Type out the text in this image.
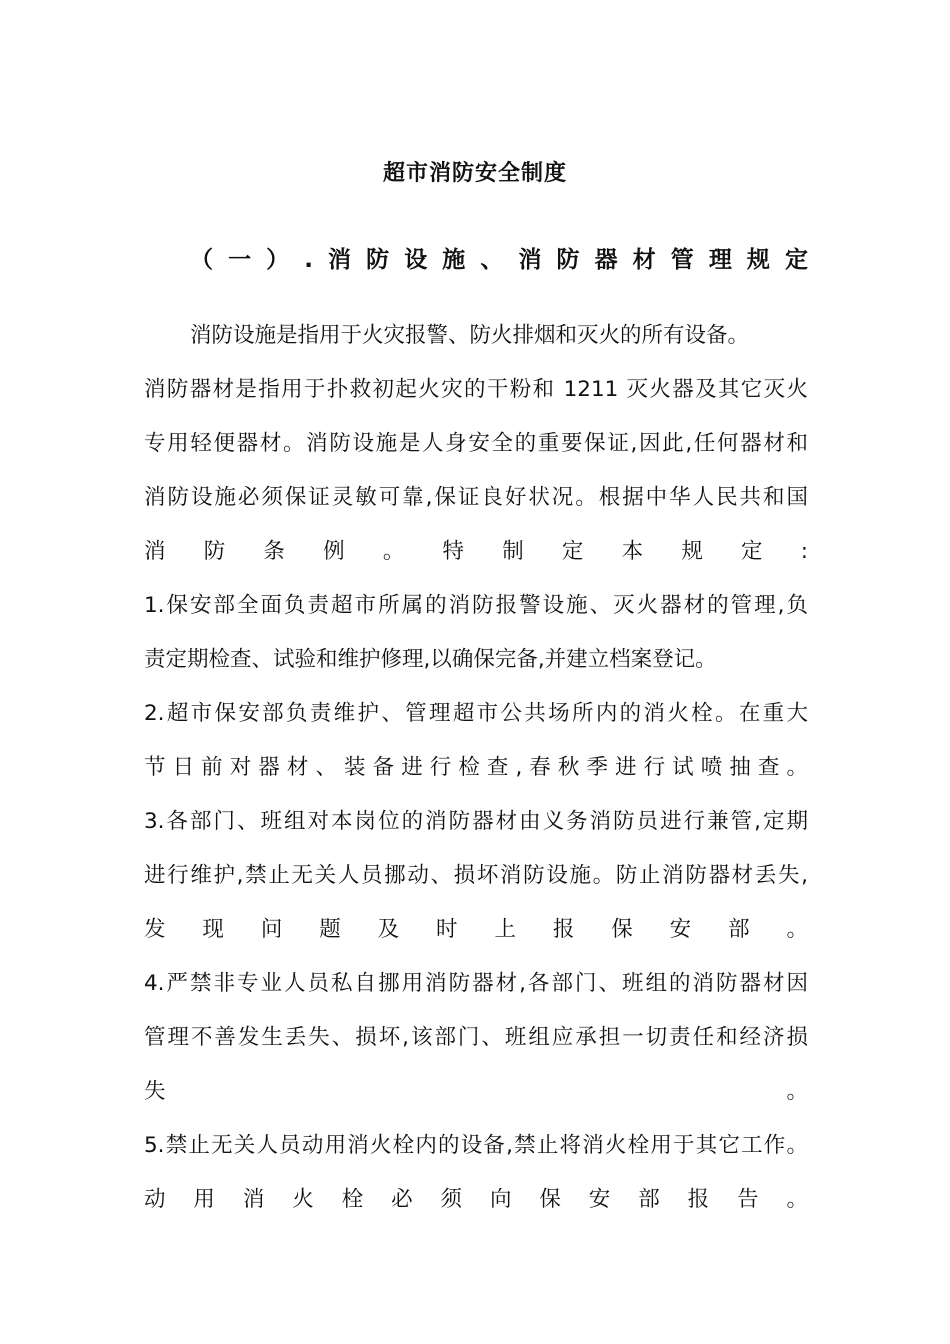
超市消防安全制度
（一）.消防设施、消防器材管理规定
消防设施是指用于火灾报警、防火排烟和灭火的所有设备。
消防器材是指用于扑救初起火灾的干粉和 1211 灭火器及其它灭火
专用轻便器材。消防设施是人身安全的重要保证,因此,任何器材和
消防设施必须保证灵敏可靠,保证良好状况。根据中华人民共和国
消 防 条 例 。 特 制 定 本 规 定 :
1.保安部全面负责超市所属的消防报警设施、灭火器材的管理,负
责定期检查、试验和维护修理,以确保完备,并建立档案登记。
2.超市保安部负责维护、管理超市公共场所内的消火栓。在重大
节 日 前 对 器 材 、 装 备 进 行 检 查 , 春 秋 季 进 行 试 喷 抽 查 。
3.各部门、班组对本岗位的消防器材由义务消防员进行兼管,定期
进行维护,禁止无关人员挪动、损坏消防设施。防止消防器材丢失,
发 现 问 题 及 时 上 报 保 安 部 。
4.严禁非专业人员私自挪用消防器材,各部门、班组的消防器材因
管理不善发生丢失、损坏,该部门、班组应承担一切责任和经济损
失 。
5.禁止无关人员动用消火栓内的设备,禁止将消火栓用于其它工作。
动 用 消 火 栓 必 须 向 保 安 部 报 告 。
